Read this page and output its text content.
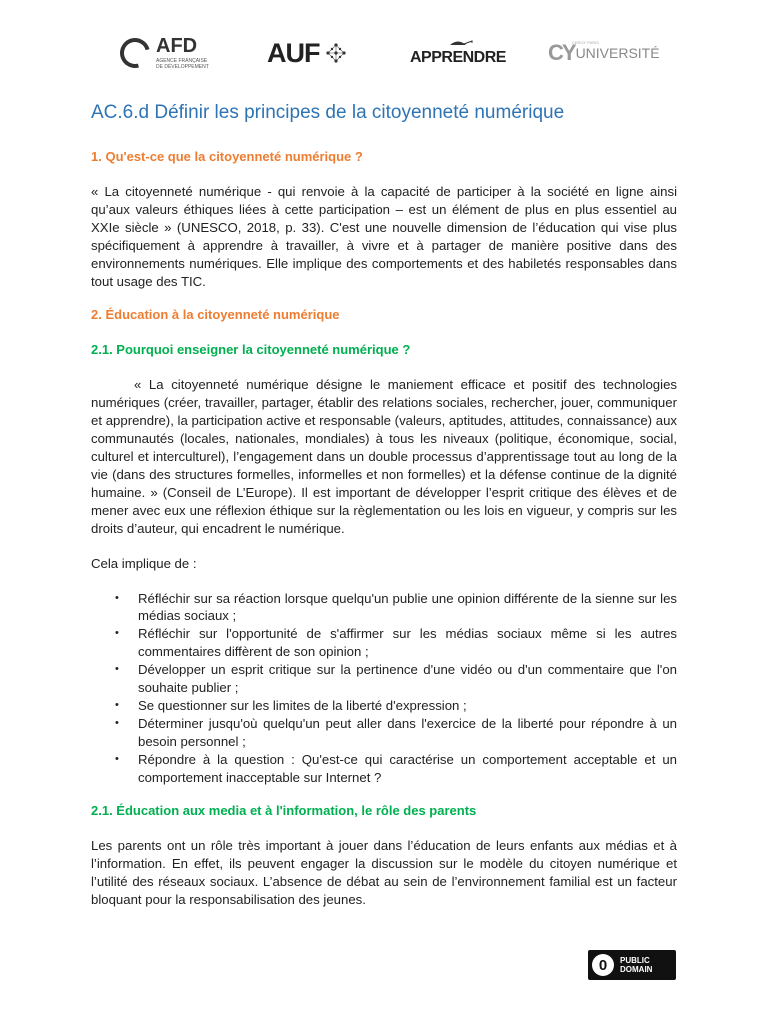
AFD
AGENCE FRANÇAISE
DE DÉVELOPPEMENT AUF	APPRENDRE CY
CERGY PARIS
UNIVERSITÉ
AC.6.d Définir les principes de la citoyenneté numérique
1. Qu'est-ce que la citoyenneté numérique ?

« La citoyenneté numérique - qui renvoie à la capacité de participer à la société en ligne ainsi qu’aux valeurs éthiques liées à cette participation – est un élément de plus en plus essentiel au XXIe siècle » (UNESCO, 2018, p. 33). C'est une nouvelle dimension de l’éducation qui vise plus spécifiquement à apprendre à travailler, à vivre et à partager de manière positive dans des environnements numériques. Elle implique des comportements et des habiletés responsables dans tout usage des TIC.

2. Éducation à la citoyenneté numérique
2.1. Pourquoi enseigner la citoyenneté numérique ?

« La citoyenneté numérique désigne le maniement efficace et positif des technologies numériques (créer, travailler, partager, établir des relations sociales, rechercher, jouer, communiquer et apprendre), la participation active et responsable (valeurs, aptitudes, attitudes, connaissance) aux communautés (locales, nationales, mondiales) à tous les niveaux (politique, économique, social, culturel et interculturel), l’engagement dans un double processus d’apprentissage tout au long de la vie (dans des structures formelles, informelles et non formelles) et la défense continue de la dignité humaine. » (Conseil de L’Europe). Il est important de développer l’esprit critique des élèves et de mener avec eux une réflexion éthique sur la règlementation ou les lois en vigueur, y compris sur les droits d’auteur, qui encadrent le numérique.

Cela implique de :

• Réfléchir sur sa réaction lorsque quelqu'un publie une opinion différente de la sienne sur les médias sociaux ;
• Réfléchir sur l'opportunité de s'affirmer sur les médias sociaux même si les autres commentaires diffèrent de son opinion ;
• Développer un esprit critique sur la pertinence d'une vidéo ou d'un commentaire que l'on souhaite publier ;
• Se questionner sur les limites de la liberté d'expression ;
• Déterminer jusqu'où quelqu'un peut aller dans l'exercice de la liberté pour répondre à un besoin personnel ;
• Répondre à la question : Qu'est-ce qui caractérise un comportement acceptable et un comportement inacceptable sur Internet ?
2.1. Éducation aux media et à l'information, le rôle des parents

Les parents ont un rôle très important à jouer dans l’éducation de leurs enfants aux médias et à l’information. En effet, ils peuvent engager la discussion sur le modèle du citoyen numérique et l’utilité des réseaux sociaux. L’absence de débat au sein de l’environnement familial est un facteur bloquant pour la responsabilisation des jeunes.

0 PUBLIC
DOMAIN
